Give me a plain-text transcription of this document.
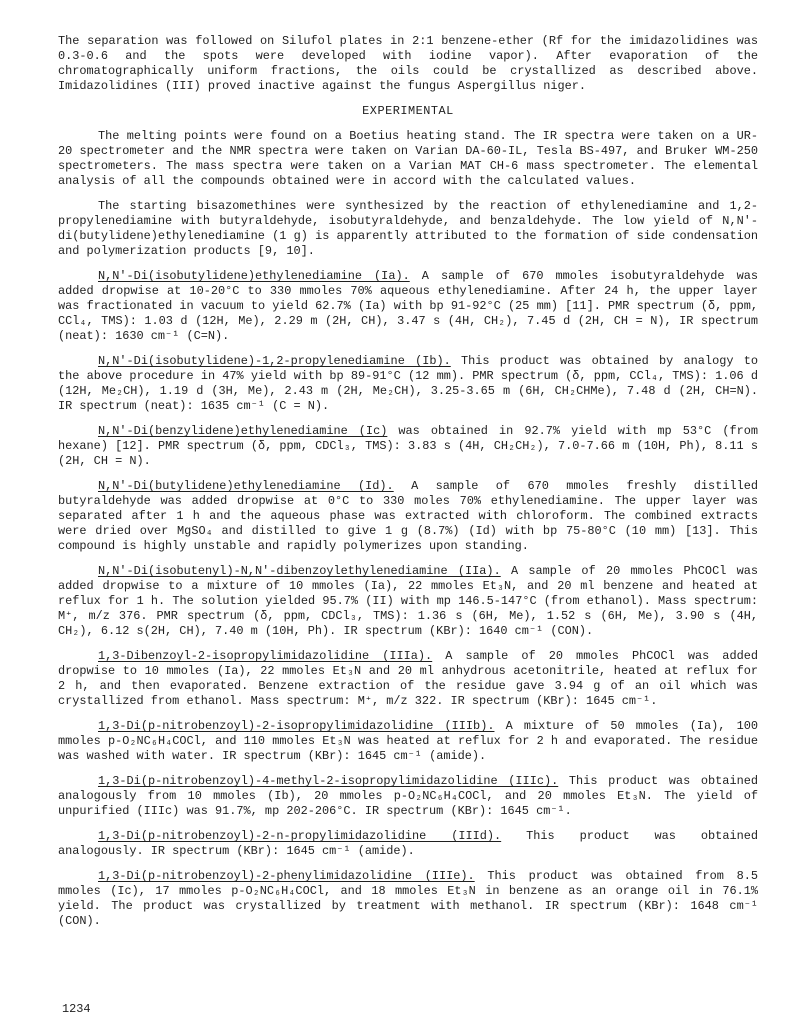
The separation was followed on Silufol plates in 2:1 benzene-ether (Rf for the imidazolidines was 0.3-0.6 and the spots were developed with iodine vapor). After evaporation of the chromatographically uniform fractions, the oils could be crystallized as described above. Imidazolidines (III) proved inactive against the fungus Aspergillus niger.

EXPERIMENTAL

The melting points were found on a Boetius heating stand. The IR spectra were taken on a UR-20 spectrometer and the NMR spectra were taken on Varian DA-60-IL, Tesla BS-497, and Bruker WM-250 spectrometers. The mass spectra were taken on a Varian MAT CH-6 mass spectrometer. The elemental analysis of all the compounds obtained were in accord with the calculated values.

The starting bisazomethines were synthesized by the reaction of ethylenediamine and 1,2-propylenediamine with butyraldehyde, isobutyraldehyde, and benzaldehyde. The low yield of N,N'-di(butylidene)ethylenediamine (1 g) is apparently attributed to the formation of side condensation and polymerization products [9, 10].

N,N'-Di(isobutylidene)ethylenediamine (Ia). A sample of 670 mmoles isobutyraldehyde was added dropwise at 10-20°C to 330 mmoles 70% aqueous ethylenediamine. After 24 h, the upper layer was fractionated in vacuum to yield 62.7% (Ia) with bp 91-92°C (25 mm) [11]. PMR spectrum (δ, ppm, CCl₄, TMS): 1.03 d (12H, Me), 2.29 m (2H, CH), 3.47 s (4H, CH₂), 7.45 d (2H, CH = N), IR spectrum (neat): 1630 cm⁻¹ (C=N).

N,N'-Di(isobutylidene)-1,2-propylenediamine (Ib). This product was obtained by analogy to the above procedure in 47% yield with bp 89-91°C (12 mm). PMR spectrum (δ, ppm, CCl₄, TMS): 1.06 d (12H, Me₂CH), 1.19 d (3H, Me), 2.43 m (2H, Me₂CH), 3.25-3.65 m (6H, CH₂CHMe), 7.48 d (2H, CH=N). IR spectrum (neat): 1635 cm⁻¹ (C = N).

N,N'-Di(benzylidene)ethylenediamine (Ic) was obtained in 92.7% yield with mp 53°C (from hexane) [12]. PMR spectrum (δ, ppm, CDCl₃, TMS): 3.83 s (4H, CH₂CH₂), 7.0-7.66 m (10H, Ph), 8.11 s (2H, CH = N).

N,N'-Di(butylidene)ethylenediamine (Id). A sample of 670 mmoles freshly distilled butyraldehyde was added dropwise at 0°C to 330 moles 70% ethylenediamine. The upper layer was separated after 1 h and the aqueous phase was extracted with chloroform. The combined extracts were dried over MgSO₄ and distilled to give 1 g (8.7%) (Id) with bp 75-80°C (10 mm) [13]. This compound is highly unstable and rapidly polymerizes upon standing.

N,N'-Di(isobutenyl)-N,N'-dibenzoylethylenediamine (IIa). A sample of 20 mmoles PhCOCl was added dropwise to a mixture of 10 mmoles (Ia), 22 mmoles Et₃N, and 20 ml benzene and heated at reflux for 1 h. The solution yielded 95.7% (II) with mp 146.5-147°C (from ethanol). Mass spectrum: M⁺, m/z 376. PMR spectrum (δ, ppm, CDCl₃, TMS): 1.36 s (6H, Me), 1.52 s (6H, Me), 3.90 s (4H, CH₂), 6.12 s(2H, CH), 7.40 m (10H, Ph). IR spectrum (KBr): 1640 cm⁻¹ (CON).

1,3-Dibenzoyl-2-isopropylimidazolidine (IIIa). A sample of 20 mmoles PhCOCl was added dropwise to 10 mmoles (Ia), 22 mmoles Et₃N and 20 ml anhydrous acetonitrile, heated at reflux for 2 h, and then evaporated. Benzene extraction of the residue gave 3.94 g of an oil which was crystallized from ethanol. Mass spectrum: M⁺, m/z 322. IR spectrum (KBr): 1645 cm⁻¹.

1,3-Di(p-nitrobenzoyl)-2-isopropylimidazolidine (IIIb). A mixture of 50 mmoles (Ia), 100 mmoles p-O₂NC₆H₄COCl, and 110 mmoles Et₃N was heated at reflux for 2 h and evaporated. The residue was washed with water. IR spectrum (KBr): 1645 cm⁻¹ (amide).

1,3-Di(p-nitrobenzoyl)-4-methyl-2-isopropylimidazolidine (IIIc). This product was obtained analogously from 10 mmoles (Ib), 20 mmoles p-O₂NC₆H₄COCl, and 20 mmoles Et₃N. The yield of unpurified (IIIc) was 91.7%, mp 202-206°C. IR spectrum (KBr): 1645 cm⁻¹.

1,3-Di(p-nitrobenzoyl)-2-n-propylimidazolidine (IIId). This product was obtained analogously. IR spectrum (KBr): 1645 cm⁻¹ (amide).

1,3-Di(p-nitrobenzoyl)-2-phenylimidazolidine (IIIe). This product was obtained from 8.5 mmoles (Ic), 17 mmoles p-O₂NC₆H₄COCl, and 18 mmoles Et₃N in benzene as an orange oil in 76.1% yield. The product was crystallized by treatment with methanol. IR spectrum (KBr): 1648 cm⁻¹ (CON).

1234
